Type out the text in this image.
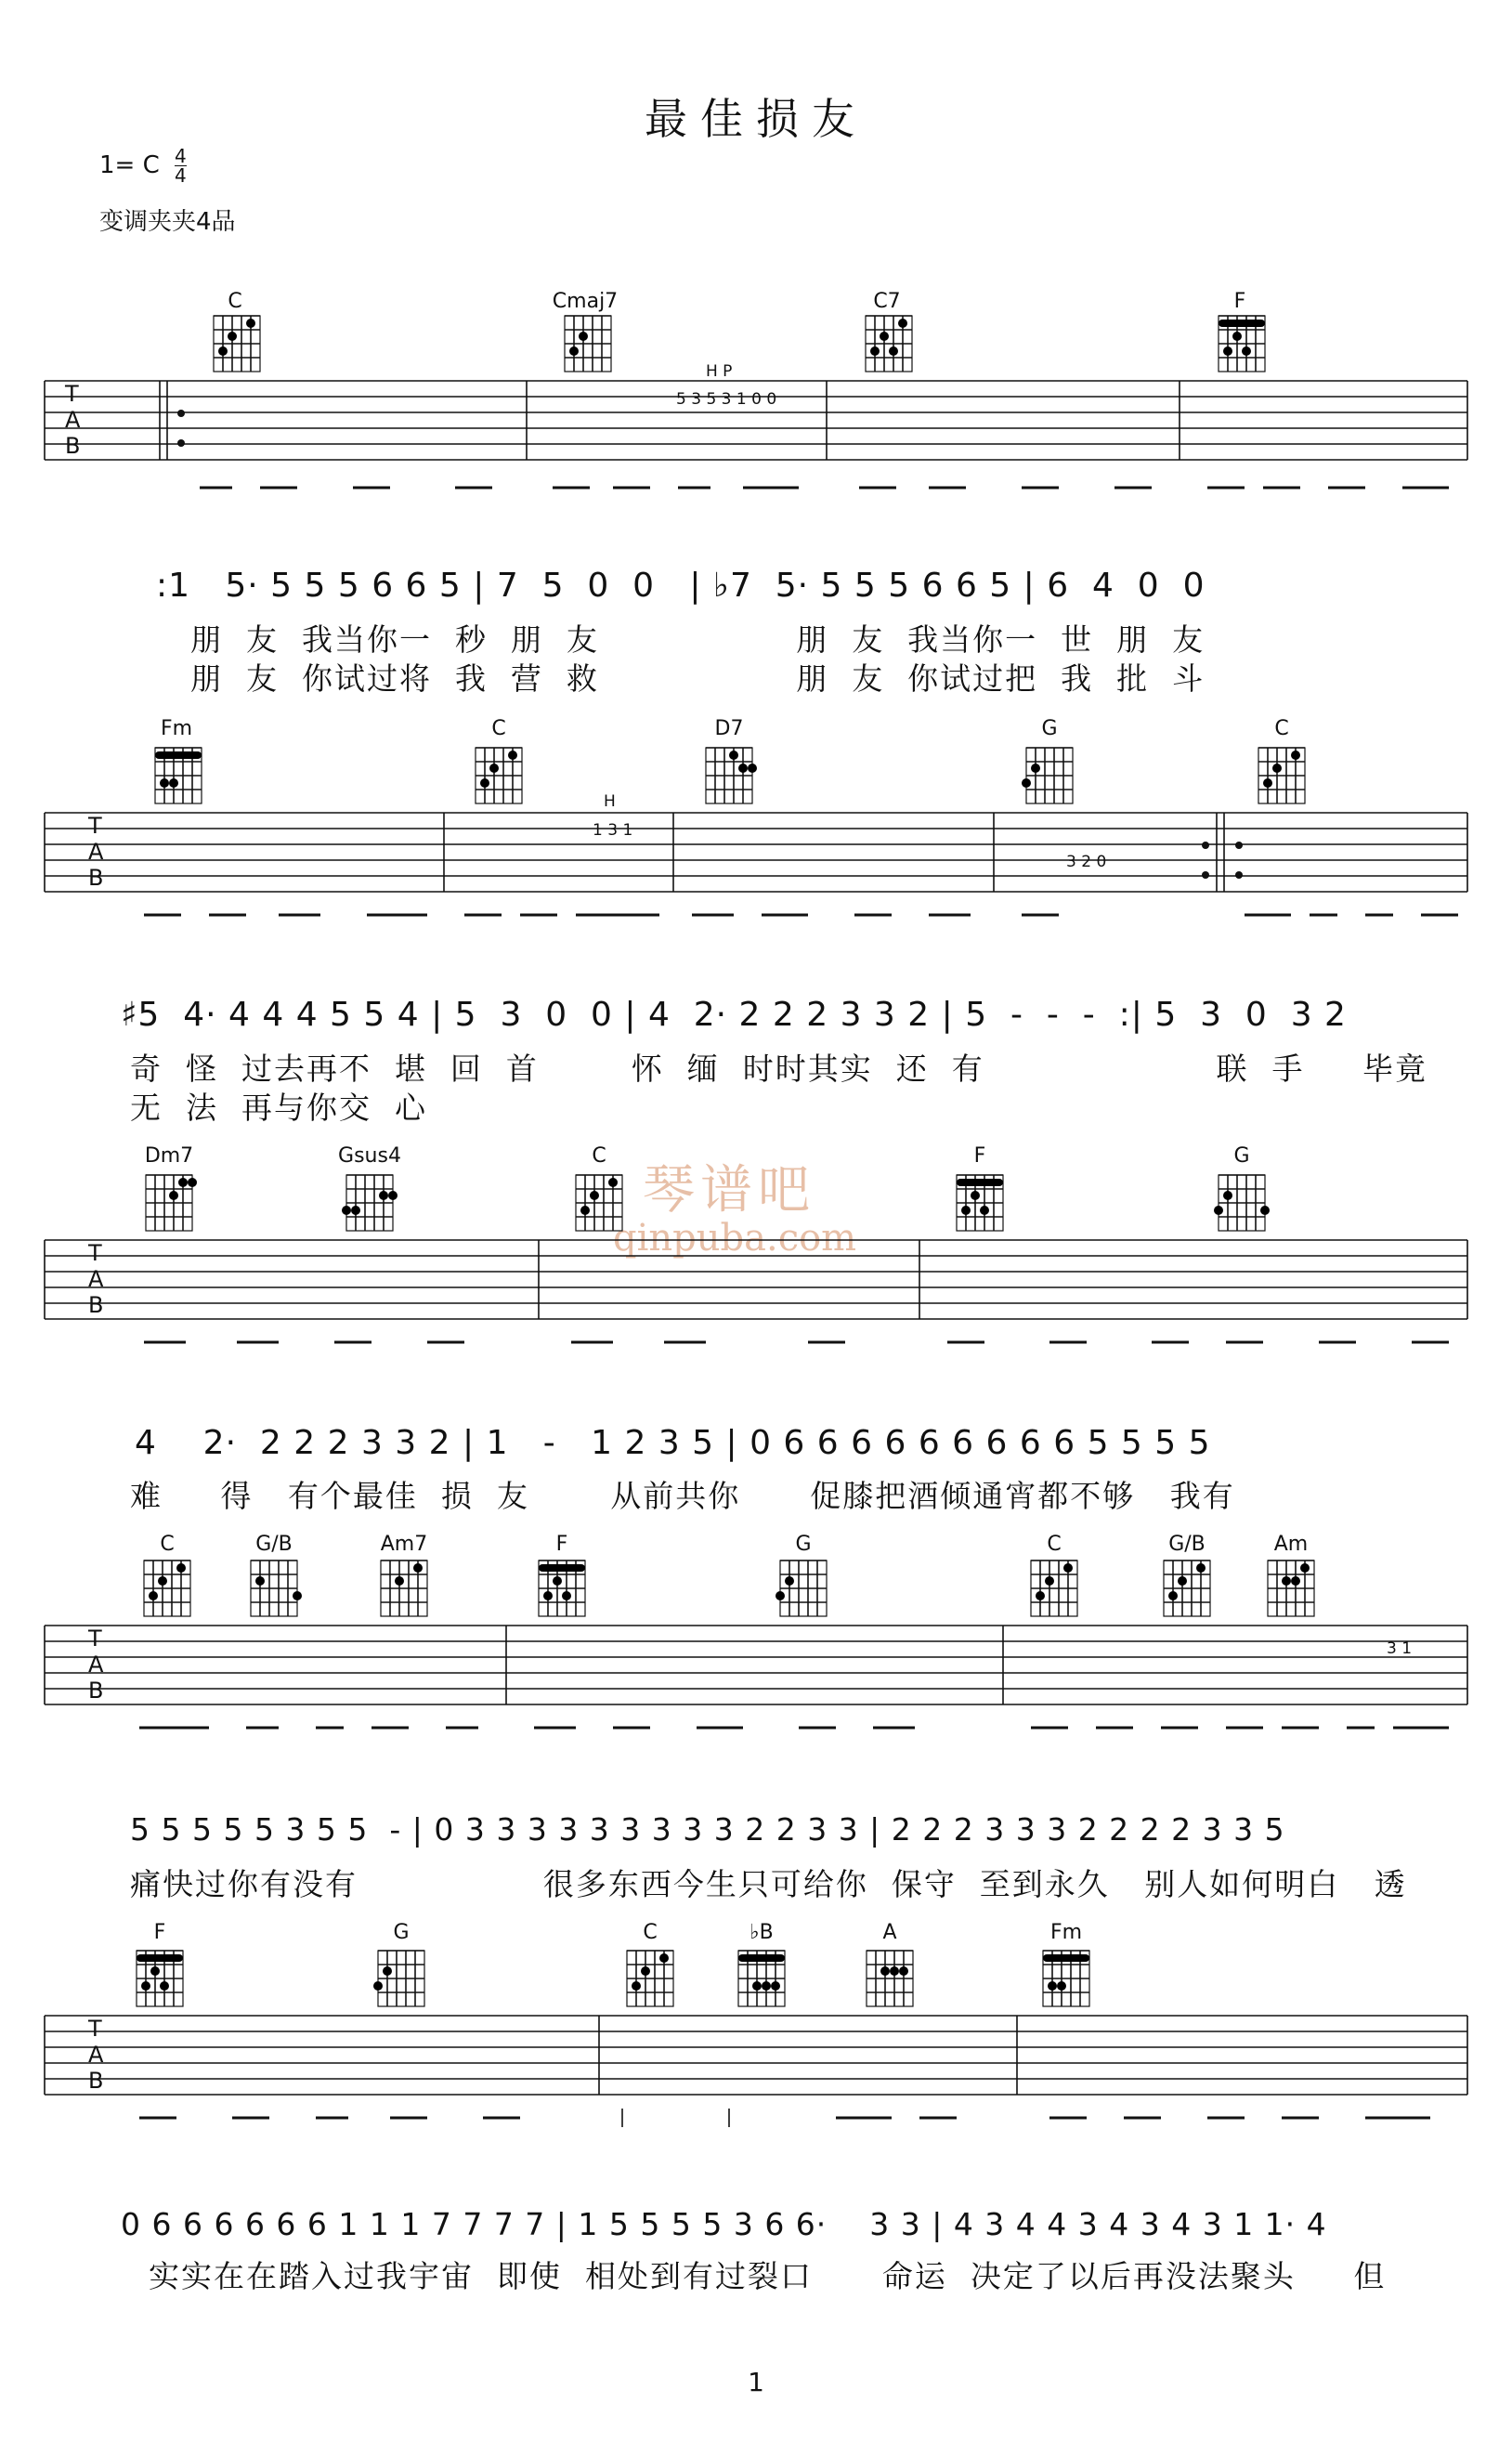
最佳损友
1= C $\frac{4}{4}$
变调夹夹4品
琴谱吧
qinpuba.com
C	Cmaj7	C7	F
H P
5 3 5 3 1 0 0
T
A
B
:1   5· 5 5 5 6 6 5 | 7  5  0  0   | ♭7  5· 5 5 5 6 6 5 | 6  4  0  0
朋  友  我当你一  秒  朋  友                 朋  友  我当你一  世  朋  友
朋  友  你试过将  我  营  救                 朋  友  你试过把  我  批  斗
Fm	C	D7	G	C
H
1 3 1
3 2 0
T
A
B
♯5  4· 4 4 4 5 5 4 | 5  3  0  0 | 4  2· 2 2 2 3 3 2 | 5  -  -  -  :| 5  3  0  3 2
奇  怪  过去再不  堪  回  首        怀  缅  时时其实  还  有                    联  手     毕竟
无  法  再与你交  心
Dm7	Gsus4	C	F	G
T
A
B
4    2·  2 2 2 3 3 2 | 1   -   1 2 3 5 | 0 6 6 6 6 6 6 6 6 6 5 5 5 5
难     得   有个最佳  损  友       从前共你      促膝把酒倾通宵都不够   我有
C	G/B	Am7	F	G	C	G/B	Am
3 1
T
A
B
5 5 5 5 5 3 5 5  - | 0 3 3 3 3 3 3 3 3 3 2 2 3 3 | 2 2 2 3 3 3 2 2 2 2 3 3 5
痛快过你有没有                很多东西今生只可给你  保守  至到永久   别人如何明白   透
F	G	C	♭B	A	Fm
T
A
B
0 6 6 6 6 6 6 1 1 1 7 7 7 7 | 1 5 5 5 5 3 6 6·    3 3 | 4 3 4 4 3 4 3 4 3 1 1· 4
实实在在踏入过我宇宙  即使  相处到有过裂口      命运  决定了以后再没法聚头     但
1
